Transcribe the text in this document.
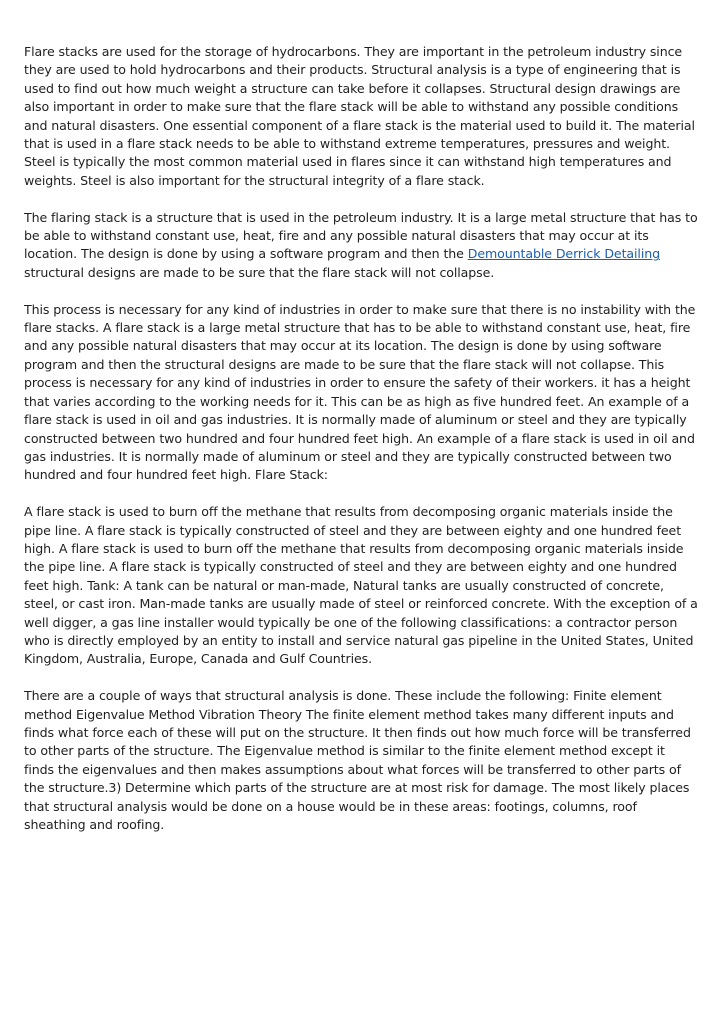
Flare stacks are used for the storage of hydrocarbons. They are important in the petroleum industry since they are used to hold hydrocarbons and their products. Structural analysis is a type of engineering that is used to find out how much weight a structure can take before it collapses. Structural design drawings are also important in order to make sure that the flare stack will be able to withstand any possible conditions and natural disasters. One essential component of a flare stack is the material used to build it. The material that is used in a flare stack needs to be able to withstand extreme temperatures, pressures and weight. Steel is typically the most common material used in flares since it can withstand high temperatures and weights. Steel is also important for the structural integrity of a flare stack.

The flaring stack is a structure that is used in the petroleum industry. It is a large metal structure that has to be able to withstand constant use, heat, fire and any possible natural disasters that may occur at its location. The design is done by using a software program and then the Demountable Derrick Detailing structural designs are made to be sure that the flare stack will not collapse.

This process is necessary for any kind of industries in order to make sure that there is no instability with the flare stacks. A flare stack is a large metal structure that has to be able to withstand constant use, heat, fire and any possible natural disasters that may occur at its location. The design is done by using software program and then the structural designs are made to be sure that the flare stack will not collapse. This process is necessary for any kind of industries in order to ensure the safety of their workers. it has a height that varies according to the working needs for it. This can be as high as five hundred feet. An example of a flare stack is used in oil and gas industries. It is normally made of aluminum or steel and they are typically constructed between two hundred and four hundred feet high. An example of a flare stack is used in oil and gas industries. It is normally made of aluminum or steel and they are typically constructed between two hundred and four hundred feet high. Flare Stack:

A flare stack is used to burn off the methane that results from decomposing organic materials inside the pipe line. A flare stack is typically constructed of steel and they are between eighty and one hundred feet high. A flare stack is used to burn off the methane that results from decomposing organic materials inside the pipe line. A flare stack is typically constructed of steel and they are between eighty and one hundred feet high. Tank: A tank can be natural or man-made, Natural tanks are usually constructed of concrete, steel, or cast iron. Man-made tanks are usually made of steel or reinforced concrete. With the exception of a well digger, a gas line installer would typically be one of the following classifications: a contractor person who is directly employed by an entity to install and service natural gas pipeline in the United States, United Kingdom, Australia, Europe, Canada and Gulf Countries.

There are a couple of ways that structural analysis is done. These include the following: Finite element method Eigenvalue Method Vibration Theory The finite element method takes many different inputs and finds what force each of these will put on the structure. It then finds out how much force will be transferred to other parts of the structure. The Eigenvalue method is similar to the finite element method except it finds the eigenvalues and then makes assumptions about what forces will be transferred to other parts of the structure.3) Determine which parts of the structure are at most risk for damage. The most likely places that structural analysis would be done on a house would be in these areas: footings, columns, roof sheathing and roofing.
